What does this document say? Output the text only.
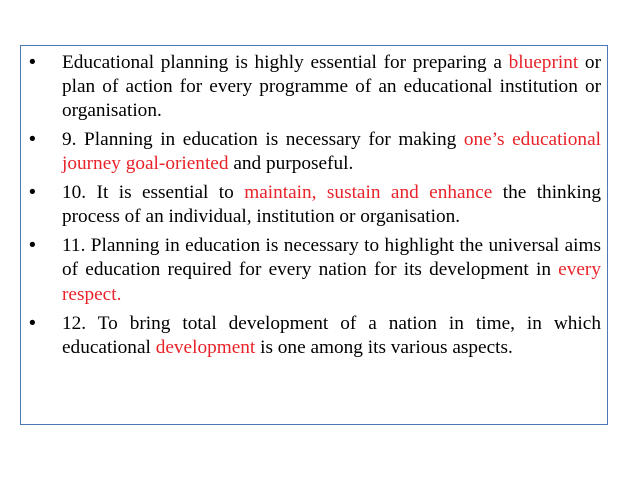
• Educational planning is highly essential for preparing a blueprint or plan of action for every programme of an educational institution or organisation.
• 9. Planning in education is necessary for making one’s educational journey goal-oriented and purposeful.
• 10. It is essential to maintain, sustain and enhance the thinking process of an individual, institution or organisation.
• 11. Planning in education is necessary to highlight the universal aims of education required for every nation for its development in every respect.
• 12. To bring total development of a nation in time, in which educational development is one among its various aspects.
